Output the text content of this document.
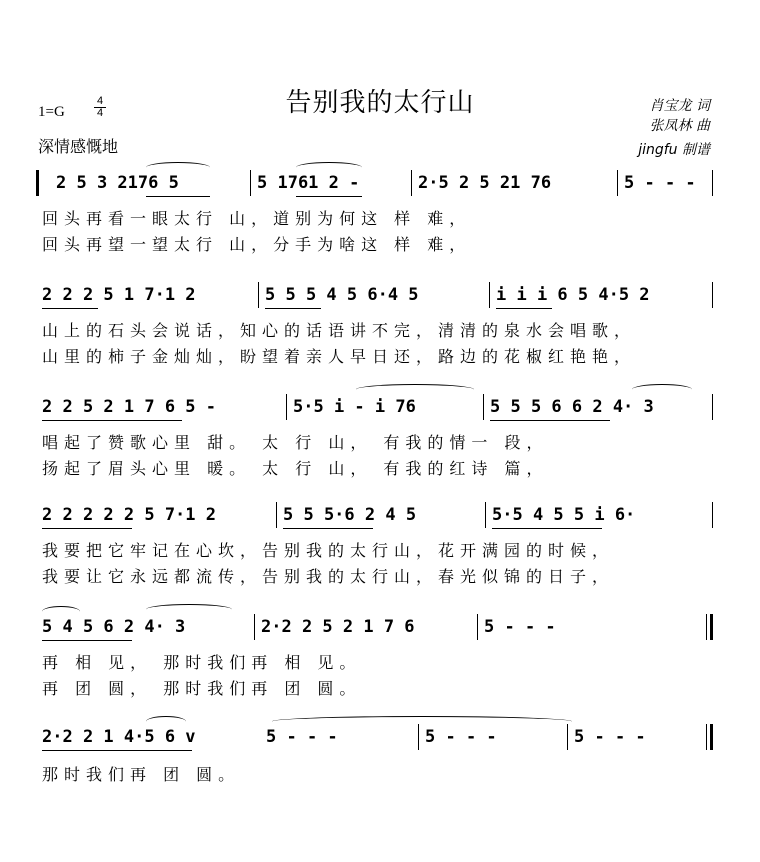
告别我的太行山
1=G
4
4
深情感慨地
肖宝龙 词
张凤林 曲
jingfu 制谱
2 5 3 2176 5	5 1761 2 -	2·5 2 5 21 76	5 - - -
回头再看一眼太行 山，道别为何这 样 难，
回头再望一望太行 山，分手为啥这 样 难，
2 2 2 5 1 7·1 2	5 5 5 4 5 6·4 5	i i i 6 5 4·5 2
山上的石头会说话，知心的话语讲不完，清清的泉水会唱歌，
山里的柿子金灿灿，盼望着亲人早日还，路边的花椒红艳艳，
2 2 5 2 1 7 6 5 -	5·5 i - i 76	5 5 5 6 6 2 4· 3
唱起了赞歌心里 甜。 太 行 山， 有我的情一 段，
扬起了眉头心里 暖。 太 行 山， 有我的红诗 篇，
2 2 2 2 2 5 7·1 2	5 5 5·6 2 4 5	5·5 4 5 5 i 6·
我要把它牢记在心坎，告别我的太行山，花开满园的时候，
我要让它永远都流传，告别我的太行山，春光似锦的日子，
5 4 5 6 2 4· 3	2·2 2 5 2 1 7 6	5 - - -
再 相 见， 那时我们再 相 见。
再 团 圆， 那时我们再 团 圆。
2·2 2 1 4·5 6 v	5 - - -	5 - - -	5 - - -
那时我们再 团 圆。
